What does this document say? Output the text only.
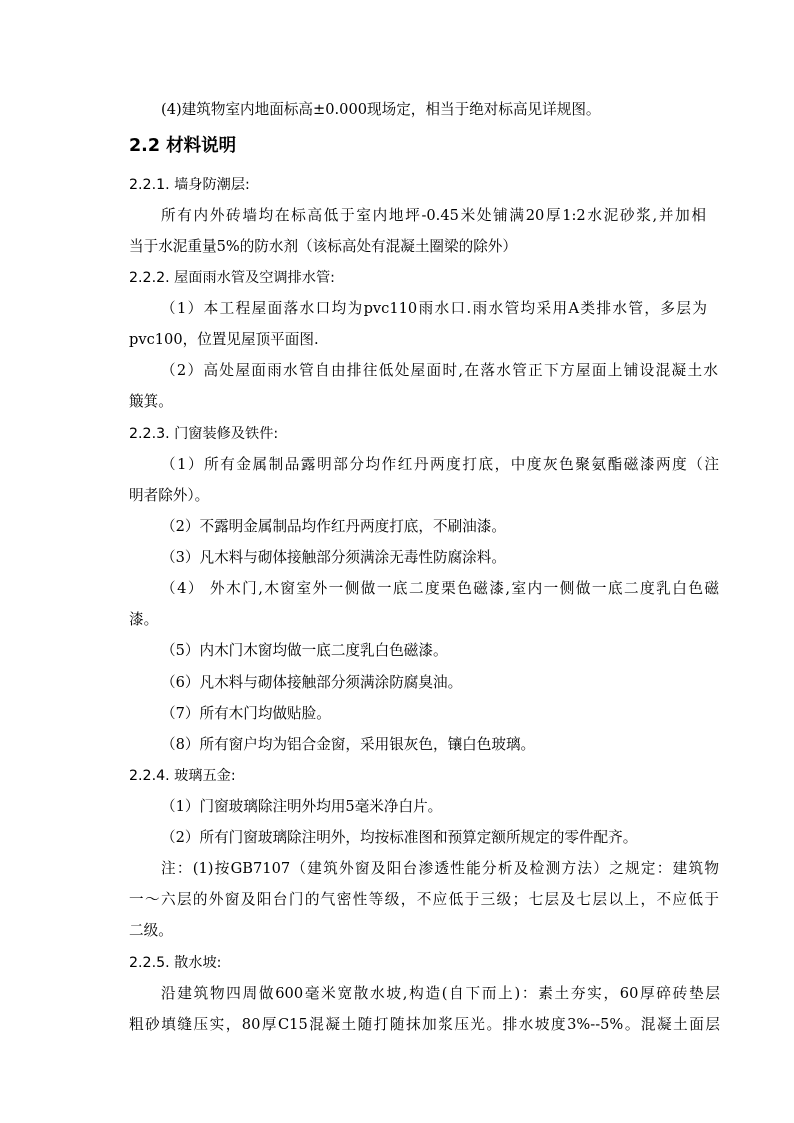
(4)建筑物室内地面标高±0.000现场定，相当于绝对标高见详规图。
2.2 材料说明
2.2.1. 墙身防潮层:
所有内外砖墙均在标高低于室内地坪-0.45米处铺满20厚1:2水泥砂浆,并加相
当于水泥重量5%的防水剂（该标高处有混凝土圈梁的除外）
2.2.2. 屋面雨水管及空调排水管:
（1）本工程屋面落水口均为pvc110雨水口.雨水管均采用A类排水管，多层为
pvc100，位置见屋顶平面图.
（2）高处屋面雨水管自由排往低处屋面时,在落水管正下方屋面上铺设混凝土水
簸箕。
2.2.3. 门窗装修及铁件:
（1）所有金属制品露明部分均作红丹两度打底，中度灰色聚氨酯磁漆两度（注
明者除外）。
（2）不露明金属制品均作红丹两度打底，不刷油漆。
（3）凡木料与砌体接触部分须满涂无毒性防腐涂料。
（4） 外木门,木窗室外一侧做一底二度栗色磁漆,室内一侧做一底二度乳白色磁
漆。
（5）内木门木窗均做一底二度乳白色磁漆。
（6）凡木料与砌体接触部分须满涂防腐臭油。
（7）所有木门均做贴脸。
（8）所有窗户均为铝合金窗，采用银灰色，镶白色玻璃。
2.2.4. 玻璃五金:
（1）门窗玻璃除注明外均用5毫米净白片。
（2）所有门窗玻璃除注明外，均按标准图和预算定额所规定的零件配齐。
注：(1)按GB7107（建筑外窗及阳台渗透性能分析及检测方法）之规定：建筑物
一～六层的外窗及阳台门的气密性等级，不应低于三级；七层及七层以上，不应低于
二级。
2.2.5. 散水坡:
沿建筑物四周做600毫米宽散水坡,构造(自下而上)：素土夯实，60厚碎砖垫层
粗砂填缝压实，80厚C15混凝土随打随抹加浆压光。排水坡度3%--5%。混凝土面层
